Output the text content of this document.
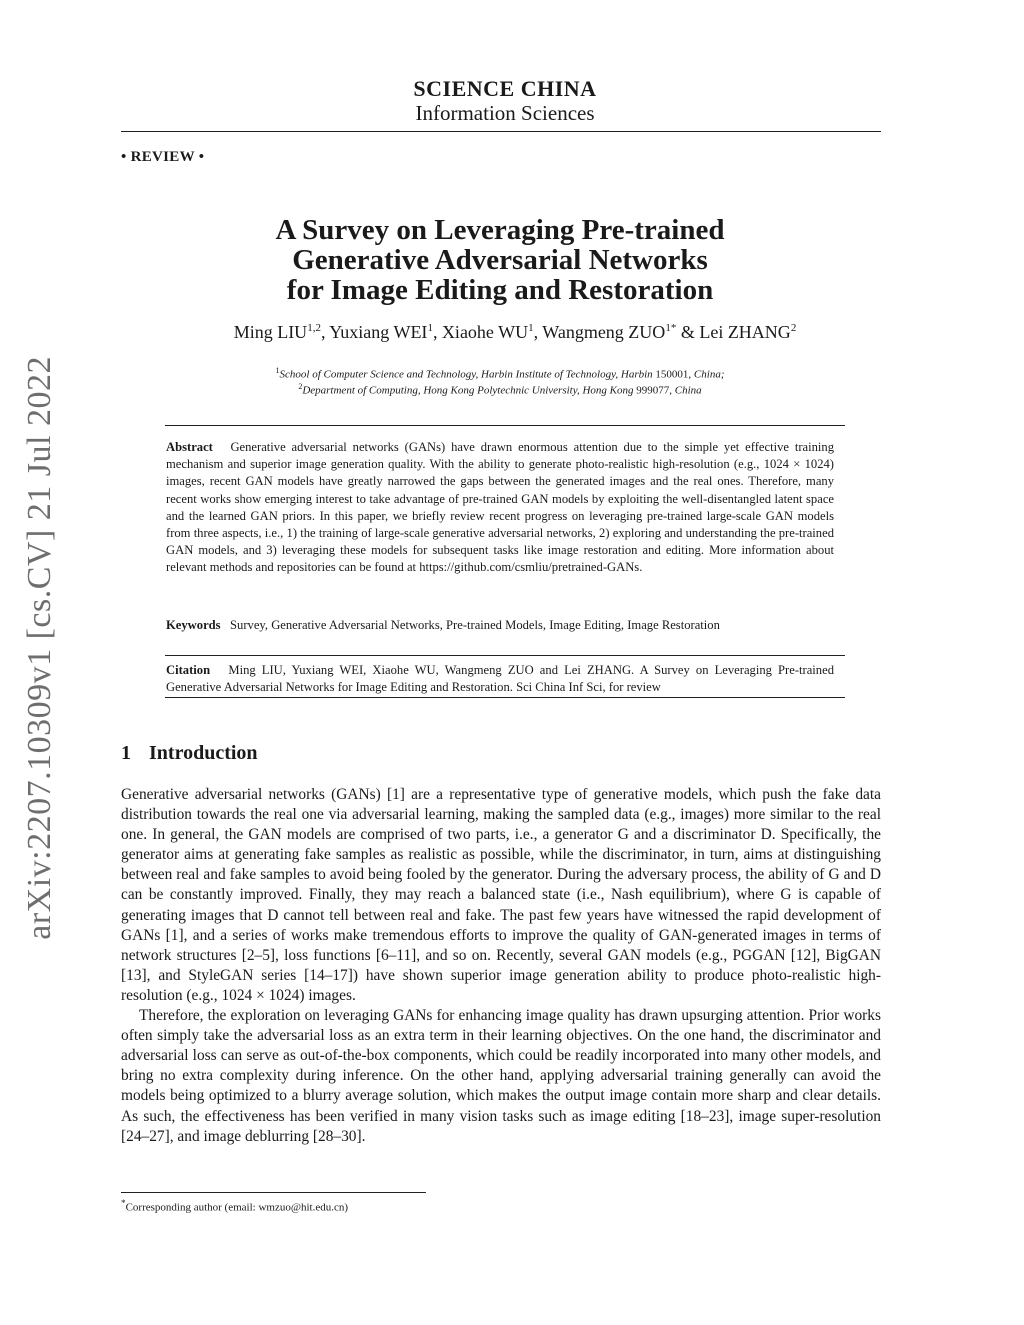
arXiv:2207.10309v1 [cs.CV] 21 Jul 2022
SCIENCE CHINA
Information Sciences
• REVIEW •
A Survey on Leveraging Pre-trained
Generative Adversarial Networks
for Image Editing and Restoration
Ming LIU$^{1,2}$, Yuxiang WEI$^1$, Xiaohe $WU^1$, Wangmeng $ZUO^{1*}$ & Lei ZHANG$^2$
$^1$School of Computer Science and Technology, Harbin Institute of Technology, Harbin 150001, China;
$^2$Department of Computing, Hong Kong Polytechnic University, Hong Kong 999077, China
Abstract Generative adversarial networks (GANs) have drawn enormous attention due to the simple yet effective training mechanism and superior image generation quality. With the ability to generate photo-realistic high-resolution (e.g., 1024 × 1024) images, recent GAN models have greatly narrowed the gaps between the generated images and the real ones. Therefore, many recent works show emerging interest to take advantage of pre-trained GAN models by exploiting the well-disentangled latent space and the learned GAN priors. In this paper, we briefly review recent progress on leveraging pre-trained large-scale GAN models from three aspects, i.e., 1) the training of large-scale generative adversarial networks, 2) exploring and understanding the pre-trained GAN models, and 3) leveraging these models for subsequent tasks like image restoration and editing. More information about relevant methods and repositories can be found at https://github.com/csmliu/pretrained-GANs.
Keywords Survey, Generative Adversarial Networks, Pre-trained Models, Image Editing, Image Restoration
Citation Ming LIU, Yuxiang WEI, Xiaohe WU, Wangmeng ZUO and Lei ZHANG. A Survey on Leveraging Pre-trained Generative Adversarial Networks for Image Editing and Restoration. Sci China Inf Sci, for review
1 Introduction

Generative adversarial networks (GANs) [1] are a representative type of generative models, which push the fake data distribution towards the real one via adversarial learning, making the sampled data (e.g., images) more similar to the real one. In general, the GAN models are comprised of two parts, i.e., a generator G and a discriminator D. Specifically, the generator aims at generating fake samples as realistic as possible, while the discriminator, in turn, aims at distinguishing between real and fake samples to avoid being fooled by the generator. During the adversary process, the ability of G and D can be constantly improved. Finally, they may reach a balanced state (i.e., Nash equilibrium), where G is capable of generating images that D cannot tell between real and fake. The past few years have witnessed the rapid development of GANs [1], and a series of works make tremendous efforts to improve the quality of GAN-generated images in terms of network structures [2–5], loss functions [6–11], and so on. Recently, several GAN models (e.g., PGGAN [12], BigGAN [13], and StyleGAN series [14–17]) have shown superior image generation ability to produce photo-realistic high-resolution (e.g., 1024 × 1024) images.

Therefore, the exploration on leveraging GANs for enhancing image quality has drawn upsurging attention. Prior works often simply take the adversarial loss as an extra term in their learning objectives. On the one hand, the discriminator and adversarial loss can serve as out-of-the-box components, which could be readily incorporated into many other models, and bring no extra complexity during inference. On the other hand, applying adversarial training generally can avoid the models being optimized to a blurry average solution, which makes the output image contain more sharp and clear details. As such, the effectiveness has been verified in many vision tasks such as image editing [18–23], image super-resolution [24–27], and image deblurring [28–30].

*Corresponding author (email: wmzuo@hit.edu.cn)
